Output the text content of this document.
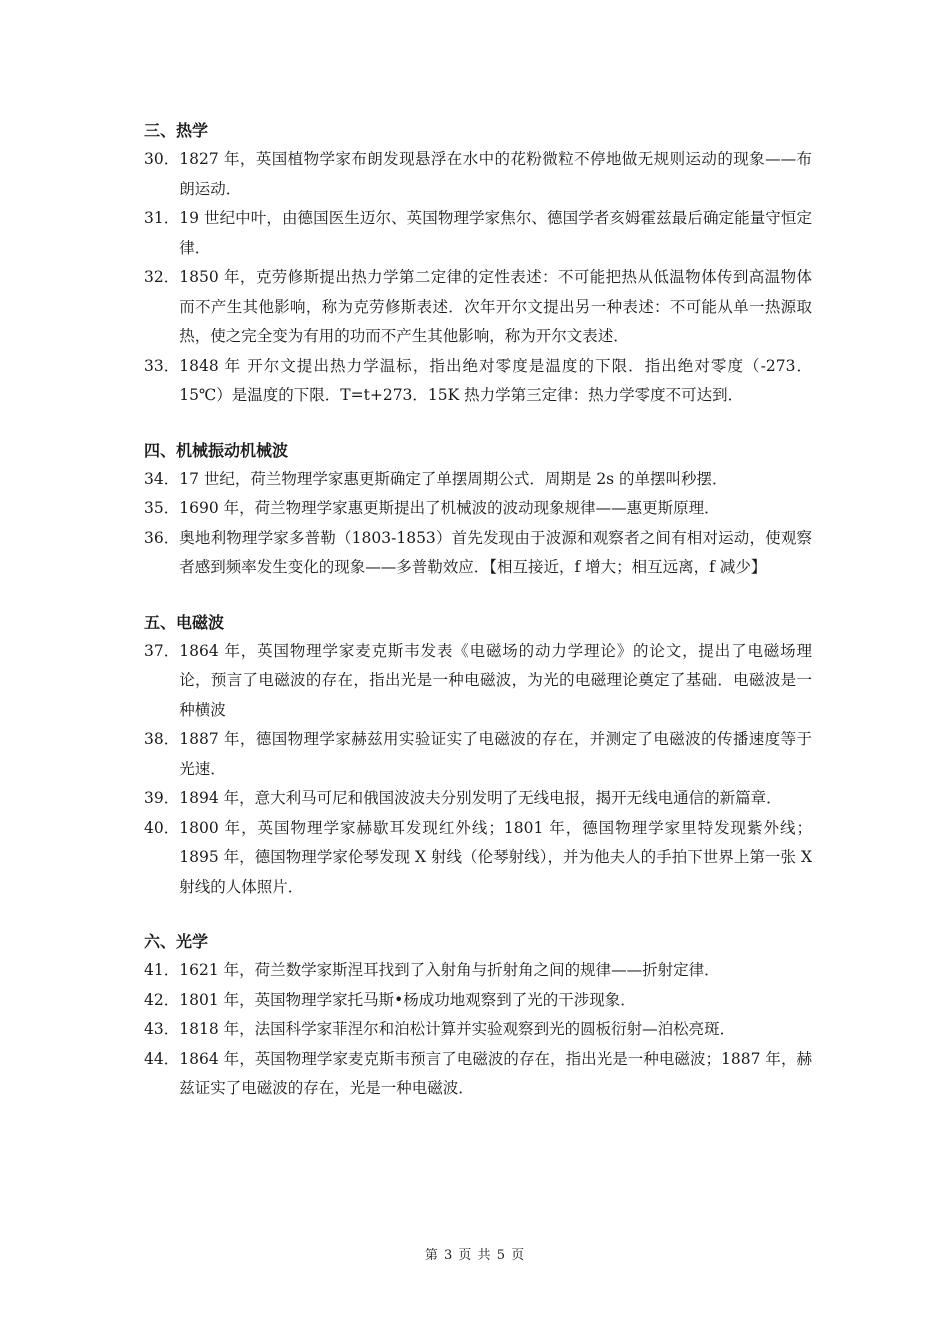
三、热学
30． 1827 年，英国植物学家布朗发现悬浮在水中的花粉微粒不停地做无规则运动的现象——布朗运动．
31． 19 世纪中叶，由德国医生迈尔、英国物理学家焦尔、德国学者亥姆霍兹最后确定能量守恒定律．
32． 1850 年，克劳修斯提出热力学第二定律的定性表述：不可能把热从低温物体传到高温物体而不产生其他影响，称为克劳修斯表述．次年开尔文提出另一种表述：不可能从单一热源取热，使之完全变为有用的功而不产生其他影响，称为开尔文表述．
33． 1848 年 开尔文提出热力学温标，指出绝对零度是温度的下限．指出绝对零度（-273．15℃）是温度的下限．T=t+273．15K 热力学第三定律：热力学零度不可达到．
四、机械振动机械波
34． 17 世纪，荷兰物理学家惠更斯确定了单摆周期公式．周期是 2s 的单摆叫秒摆．
35． 1690 年，荷兰物理学家惠更斯提出了机械波的波动现象规律——惠更斯原理．
36． 奥地利物理学家多普勒（1803-1853）首先发现由于波源和观察者之间有相对运动，使观察者感到频率发生变化的现象——多普勒效应．【相互接近，f 增大；相互远离，f 减少】
五、电磁波
37． 1864 年，英国物理学家麦克斯韦发表《电磁场的动力学理论》的论文，提出了电磁场理论，预言了电磁波的存在，指出光是一种电磁波，为光的电磁理论奠定了基础．电磁波是一种横波
38． 1887 年，德国物理学家赫兹用实验证实了电磁波的存在，并测定了电磁波的传播速度等于光速．
39． 1894 年，意大利马可尼和俄国波波夫分别发明了无线电报，揭开无线电通信的新篇章．
40． 1800 年，英国物理学家赫歇耳发现红外线；1801 年，德国物理学家里特发现紫外线；1895 年，德国物理学家伦琴发现 X 射线（伦琴射线），并为他夫人的手拍下世界上第一张 X 射线的人体照片．
六、光学
41． 1621 年，荷兰数学家斯涅耳找到了入射角与折射角之间的规律——折射定律．
42． 1801 年，英国物理学家托马斯•杨成功地观察到了光的干涉现象．
43． 1818 年，法国科学家菲涅尔和泊松计算并实验观察到光的圆板衍射—泊松亮斑．
44． 1864 年，英国物理学家麦克斯韦预言了电磁波的存在，指出光是一种电磁波；1887 年，赫兹证实了电磁波的存在，光是一种电磁波．
第 3 页 共 5 页
